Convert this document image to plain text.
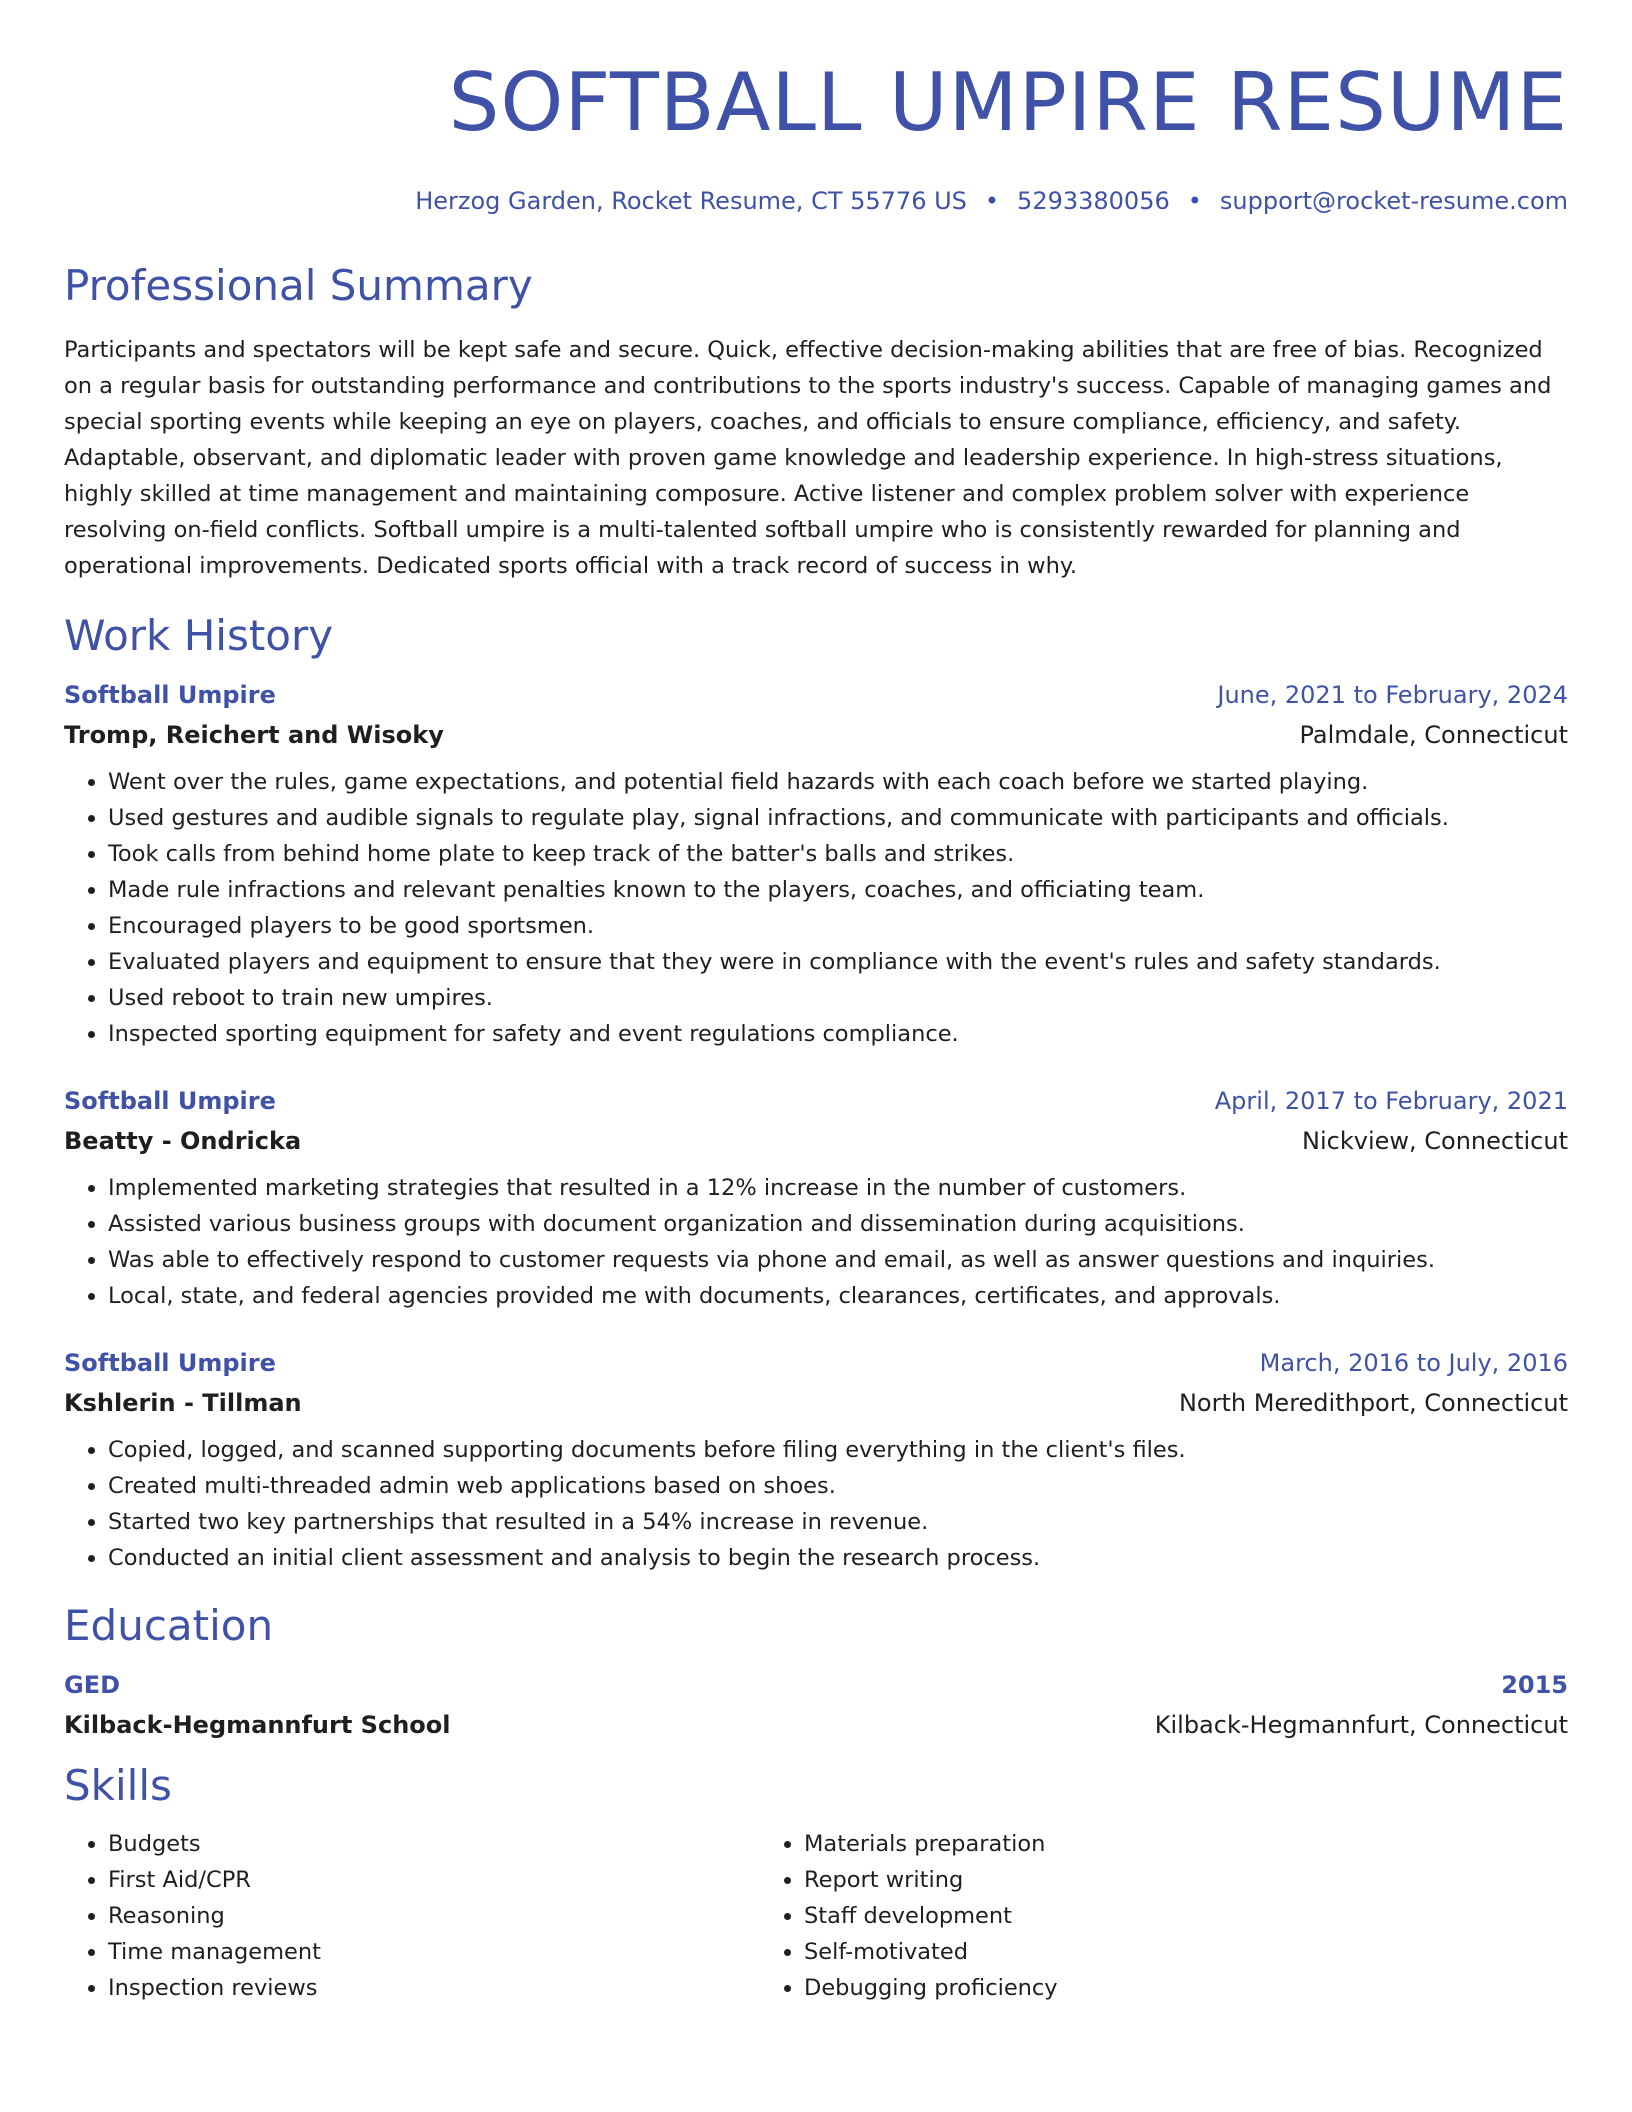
SOFTBALL UMPIRE RESUME
Herzog Garden, Rocket Resume, CT 55776 US • 5293380056 • support@rocket-resume.com
Professional Summary
Participants and spectators will be kept safe and secure. Quick, effective decision-making abilities that are free of bias. Recognized on a regular basis for outstanding performance and contributions to the sports industry's success. Capable of managing games and special sporting events while keeping an eye on players, coaches, and officials to ensure compliance, efficiency, and safety. Adaptable, observant, and diplomatic leader with proven game knowledge and leadership experience. In high-stress situations, highly skilled at time management and maintaining composure. Active listener and complex problem solver with experience resolving on-field conflicts. Softball umpire is a multi-talented softball umpire who is consistently rewarded for planning and operational improvements. Dedicated sports official with a track record of success in why.
Work History
Softball Umpire	June, 2021 to February, 2024
Tromp, Reichert and Wisoky	Palmdale, Connecticut
• Went over the rules, game expectations, and potential field hazards with each coach before we started playing.
• Used gestures and audible signals to regulate play, signal infractions, and communicate with participants and officials.
• Took calls from behind home plate to keep track of the batter's balls and strikes.
• Made rule infractions and relevant penalties known to the players, coaches, and officiating team.
• Encouraged players to be good sportsmen.
• Evaluated players and equipment to ensure that they were in compliance with the event's rules and safety standards.
• Used reboot to train new umpires.
• Inspected sporting equipment for safety and event regulations compliance.
Softball Umpire	April, 2017 to February, 2021
Beatty - Ondricka	Nickview, Connecticut
• Implemented marketing strategies that resulted in a 12% increase in the number of customers.
• Assisted various business groups with document organization and dissemination during acquisitions.
• Was able to effectively respond to customer requests via phone and email, as well as answer questions and inquiries.
• Local, state, and federal agencies provided me with documents, clearances, certificates, and approvals.
Softball Umpire	March, 2016 to July, 2016
Kshlerin - Tillman	North Meredithport, Connecticut
• Copied, logged, and scanned supporting documents before filing everything in the client's files.
• Created multi-threaded admin web applications based on shoes.
• Started two key partnerships that resulted in a 54% increase in revenue.
• Conducted an initial client assessment and analysis to begin the research process.
Education
GED	2015
Kilback-Hegmannfurt School	Kilback-Hegmannfurt, Connecticut
Skills
• Budgets
• First Aid/CPR
• Reasoning
• Time management
• Inspection reviews
• Materials preparation
• Report writing
• Staff development
• Self-motivated
• Debugging proficiency
